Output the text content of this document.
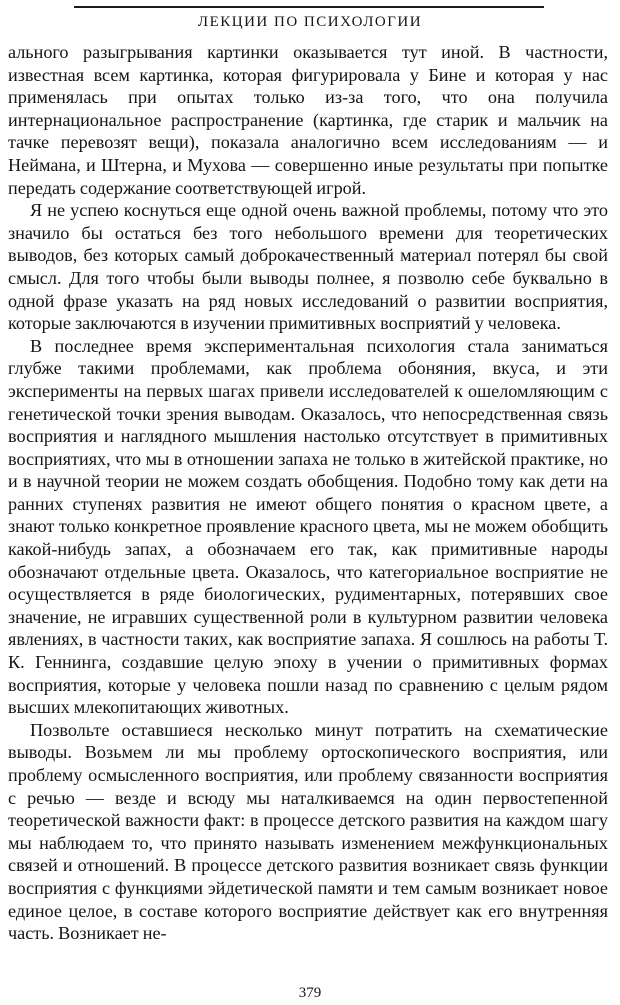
ЛЕКЦИИ ПО ПСИХОЛОГИИ

ального разыгрывания картинки оказывается тут иной. В частности, известная всем картинка, которая фигурировала у Бине и которая у нас применялась при опытах только из-за того, что она получила интернациональное распространение (картинка, где старик и мальчик на тачке перевозят вещи), показала аналогично всем исследованиям — и Неймана, и Штерна, и Мухова — совершенно иные результаты при попытке передать содержание соответствующей игрой.

Я не успею коснуться еще одной очень важной проблемы, потому что это значило бы остаться без того небольшого времени для теоретических выводов, без которых самый доброкачественный материал потерял бы свой смысл. Для того чтобы были выводы полнее, я позволю себе буквально в одной фразе указать на ряд новых исследований о развитии восприятия, которые заключаются в изучении примитивных восприятий у человека.

В последнее время экспериментальная психология стала заниматься глубже такими проблемами, как проблема обоняния, вкуса, и эти эксперименты на первых шагах привели исследователей к ошеломляющим с генетической точки зрения выводам. Оказалось, что непосредственная связь восприятия и наглядного мышления настолько отсутствует в примитивных восприятиях, что мы в отношении запаха не только в житейской практике, но и в научной теории не можем создать обобщения. Подобно тому как дети на ранних ступенях развития не имеют общего понятия о красном цвете, а знают только конкретное проявление красного цвета, мы не можем обобщить какой-нибудь запах, а обозначаем его так, как примитивные народы обозначают отдельные цвета. Оказалось, что категориальное восприятие не осуществляется в ряде биологических, рудиментарных, потерявших свое значение, не игравших существенной роли в культурном развитии человека явлениях, в частности таких, как восприятие запаха. Я сошлюсь на работы Т. К. Геннинга, создавшие целую эпоху в учении о примитивных формах восприятия, которые у человека пошли назад по сравнению с целым рядом высших млекопитающих животных.

Позвольте оставшиеся несколько минут потратить на схематические выводы. Возьмем ли мы проблему ортоскопического восприятия, или проблему осмысленного восприятия, или проблему связанности восприятия с речью — везде и всюду мы наталкиваемся на один первостепенной теоретической важности факт: в процессе детского развития на каждом шагу мы наблюдаем то, что принято называть изменением межфункциональных связей и отношений. В процессе детского развития возникает связь функции восприятия с функциями эйдетической памяти и тем самым возникает новое единое целое, в составе которого восприятие действует как его внутренняя часть. Возникает не-

379
